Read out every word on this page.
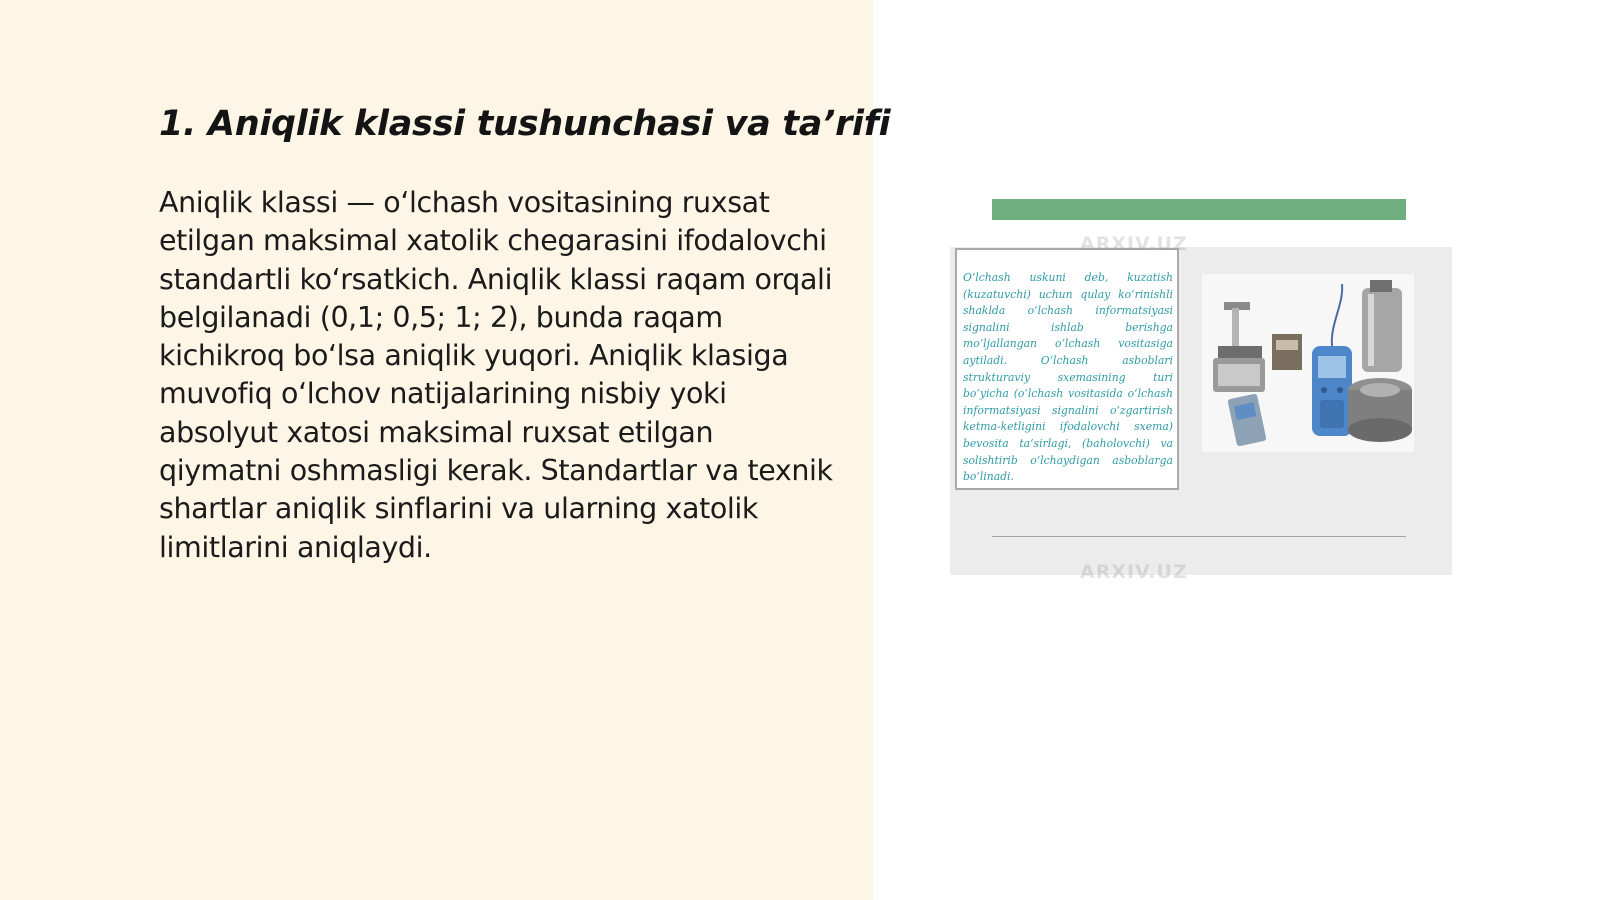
1. Aniqlik klassi tushunchasi va ta’rifi

Aniqlik klassi — o‘lchash vositasining ruxsat etilgan maksimal xatolik chegarasini ifodalovchi standartli ko‘rsatkich. Aniqlik klassi raqam orqali belgilanadi (0,1; 0,5; 1; 2), bunda raqam kichikroq bo‘lsa aniqlik yuqori. Aniqlik klasiga muvofiq o‘lchov natijalarining nisbiy yoki absolyut xatosi maksimal ruxsat etilgan qiymatni oshmasligi kerak. Standartlar va texnik shartlar aniqlik sinflarini va ularning xatolik limitlarini aniqlaydi.

O‘lchash uskuni deb, kuzatish (kuzatuvchi) uchun qulay ko‘rinishli shaklda o‘lchash informatsiyasi signalini ishlab berishga mo‘ljallangan o‘lchash vositasiga aytiladi. O‘lchash asboblari strukturaviy sxemasining turi bo‘yicha (o‘lchash vositasida o‘lchash informatsiyasi signalini o‘zgartirish ketma-ketligini ifodalovchi sxema) bevosita ta‘sirlagi, (baholovchi) va solishtirib o‘lchaydigan asboblarga bo‘linadi.

ARXIV.UZ
ARXIV.UZ
